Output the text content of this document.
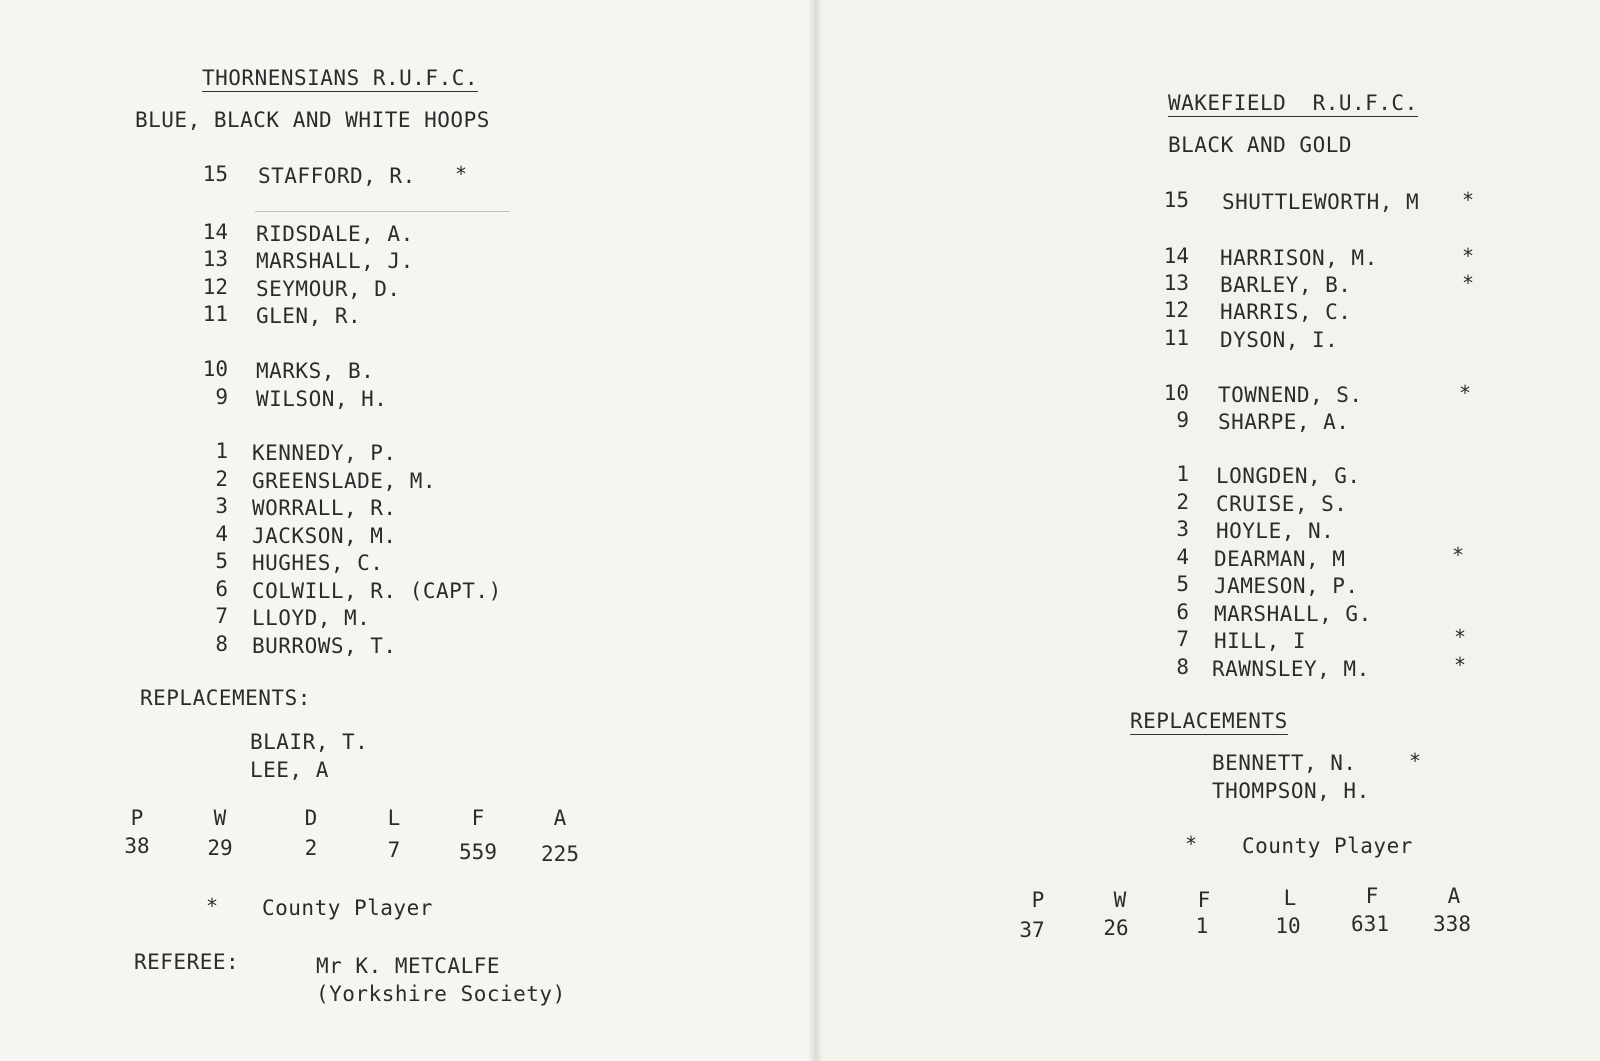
THORNENSIANS R.U.F.C.
BLUE, BLACK AND WHITE HOOPS
15 STAFFORD, R. *
14 RIDSDALE, A.
13 MARSHALL, J.
12 SEYMOUR, D.
11 GLEN, R.
10 MARKS, B.
9 WILSON, H.
1 KENNEDY, P.
2 GREENSLADE, M.
3 WORRALL, R.
4 JACKSON, M.
5 HUGHES, C.
6 COLWILL, R. (CAPT.)
7 LLOYD, M.
8 BURROWS, T.
REPLACEMENTS:
BLAIR, T.
LEE, A
P	W	D	L	F	A
38	29	2	7	559	225
* County Player
REFEREE:	Mr K. METCALFE
(Yorkshire Society)
WAKEFIELD  R.U.F.C.
BLACK AND GOLD
15 SHUTTLEWORTH, M *
14 HARRISON, M.	*
13 BARLEY, B.	*
12 HARRIS, C.
11 DYSON, I.
10 TOWNEND, S.	*
9 SHARPE, A.
1 LONGDEN, G.
2 CRUISE, S.
3 HOYLE, N.
4 DEARMAN, M	*
5 JAMESON, P.
6 MARSHALL, G.
7 HILL, I	*
8 RAWNSLEY, M.	*
REPLACEMENTS
BENNETT, N.	*
THOMPSON, H.
* County Player
P	W	F	L	F	A
37	26	1	10	631	338
